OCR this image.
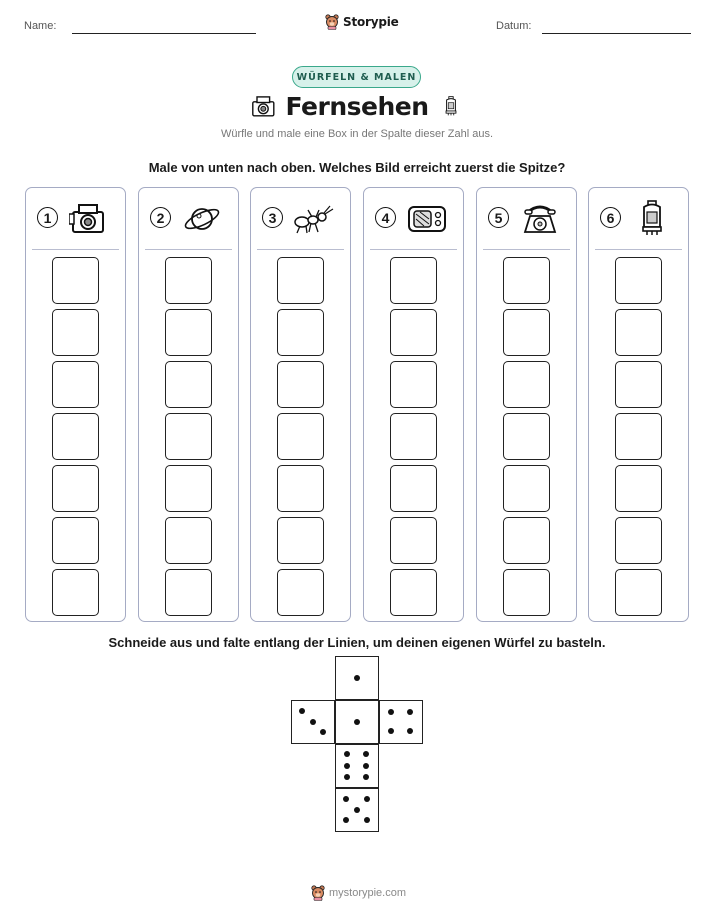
Name:	Storypie	Datum:
WÜRFELN & MALEN
Fernsehen
Würfle und male eine Box in der Spalte dieser Zahl aus.
Male von unten nach oben. Welches Bild erreicht zuerst die Spitze?
1	2	3	4	5	6
Schneide aus und falte entlang der Linien, um deinen eigenen Würfel zu basteln.
mystorypie.com
